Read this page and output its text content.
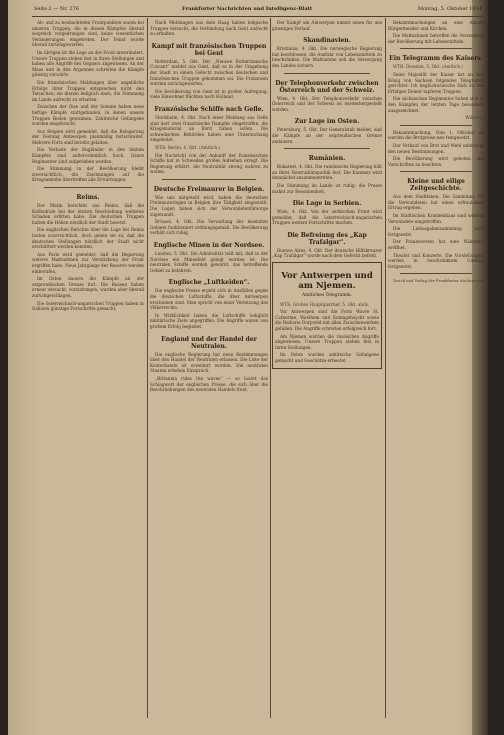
Seite 2 — Nr. 276	Frankfurter Nachrichten und Intelligenz-Blatt	Montag, 5. Oktober 1914

Ab- und zu beobachteten Frontpunkten waren bei unseren Truppen, die in diesen Kämpfen überall siegreich vorgedrungen sind, keine wesentlichen Veränderungen eingetreten. Der Feind wurde überall zurückgeworfen.

Im übrigen ist die Lage an der Front unverändert. Unsere Truppen stehen fest in ihren Stellungen und haben alle Angriffe des Gegners abgewiesen. An der Maas und in den Argonnen schreiten die Kämpfe günstig vorwärts.

Die französischen Meldungen über angebliche Erfolge ihrer Truppen entsprechen nicht den Tatsachen; sie dienen lediglich dazu, die Stimmung im Lande aufrecht zu erhalten.

Zwischen der Oise und der Somme haben neue heftige Kämpfe stattgefunden, in denen unsere Truppen Boden gewannen. Zahlreiche Gefangene wurden eingebracht.

Aus Belgien wird gemeldet, daß die Belagerung der Festung Antwerpen planmäßig fortschreitet. Mehrere Forts sind bereits gefallen.

Die Verluste der Engländer in den letzten Kämpfen sind außerordentlich hoch. Ganze Regimenter sind aufgerieben worden.

Die Stimmung in der Bevölkerung bleibt zuversichtlich; die Zeichnungen auf die Kriegsanleihe übertreffen alle Erwartungen.

Reims.

Der Matin berichtet aus Reims, daß die Kathedrale bei der letzten Beschießung weiteren Schaden erlitten habe. Die deutschen Truppen halten die Höhen nördlich der Stadt besetzt.

Die englischen Berichte über die Lage bei Reims lauten zuversichtlich, doch geben sie zu, daß die deutschen Stellungen nördlich der Stadt nicht erschüttert werden konnten.

Aus Paris wird gemeldet, daß die Regierung weitere Maßnahmen zur Verstärkung der Front ergriffen habe. Neue Jahrgänge der Reserve werden einberufen.

Im Osten dauern die Kämpfe an der ostpreußischen Grenze fort. Die Russen haben erneut versucht, vorzudringen, wurden aber überall zurückgeschlagen.

Die österreichisch-ungarischen Truppen haben in Galizien günstige Fortschritte gemacht.

Nach Meldungen aus dem Haag haben belgische Truppen versucht, die Verbindung nach Gent aufrecht zu erhalten.

Kampf mit französischen Truppen bei Gent

Rotterdam, 5. Okt. Der „Nieuwe Rotterdamsche Courant“ meldet aus Gent, daß es in der Umgebung der Stadt zu einem Gefecht zwischen deutschen und französischen Truppen gekommen sei. Die Franzosen wurden zurückgeworfen.

Die Bevölkerung von Gent ist in großer Aufregung; viele Einwohner flüchten nach Holland.

Französische Schiffe nach Gefle.

Stockholm, 4. Okt. Nach einer Meldung aus Gefle sind dort zwei französische Dampfer eingetroffen, die Kriegsmaterial an Bord haben sollen. Die schwedischen Behörden haben eine Untersuchung eingeleitet.

WTB. Berlin, 4. Okt. (Amtlich.)

Die Nachricht von der Ankunft der französischen Schiffe hat in Schweden großes Aufsehen erregt. Die Regierung erklärt, die Neutralität streng wahren zu wollen.

Deutsche Freimaurer in Belgien.

Wie uns mitgeteilt wird, haben die deutschen Freimaurerlogen in Belgien ihre Tätigkeit eingestellt. Die Logen haben sich der Verwundetenfürsorge zugewandt.

Brüssel, 4. Okt. Die Verwaltung der besetzten Gebiete funktioniert ordnungsgemäß. Die Bevölkerung verhält sich ruhig.

Englische Minen in der Nordsee.

London, 5. Okt. Die Admiralität teilt mit, daß in der Nordsee ein Minenfeld gelegt worden ist. Die neutralen Schiffe werden gewarnt, das betreffende Gebiet zu befahren.

Englische „Luftkeiden“.

Die englische Presse ergeht sich in Ausfällen gegen die deutschen Luftschiffe, die über Antwerpen erschienen sind. Man spricht von einer Verletzung des Völkerrechts.

In Wirklichkeit haben die Luftschiffe lediglich militärische Ziele angegriffen. Die Angriffe waren von großem Erfolg begleitet.

England und der Handel der Neutralen.

Die englische Regierung hat neue Bestimmungen über den Handel der Neutralen erlassen. Die Liste der Konterbande ist erweitert worden. Die neutralen Staaten erheben Einspruch.

„Britannia rules the waves“ — so lautet das Schlagwort der englischen Presse, die sich über die Beschränkungen des neutralen Handels freut.

Der Kampf um Antwerpen nimmt einen für uns günstigen Verlauf.

Skandinavien.

Kristiania, 4. Okt. Die norwegische Regierung hat beschlossen, die Ausfuhr von Lebensmitteln zu beschränken. Die Maßnahme soll die Versorgung des Landes sichern.

Der Telephonverkehr zwischen Österreich und der Schweiz.

Wien, 4. Okt. Der Telephonverkehr zwischen Österreich und der Schweiz ist wiederhergestellt worden.

Zur Lage im Osten.

Petersburg, 5. Okt. Der Generalstab meldet, daß die Kämpfe an der ostpreußischen Grenze andauern.

Rumänien.

Bukarest, 4. Okt. Die rumänische Regierung hält an ihrer Neutralitätspolitik fest. Die Kammer wird demnächst zusammentreten.

Die Stimmung im Lande ist ruhig; die Presse mahnt zur Besonnenheit.

Die Lage in Serbien.

Wien, 4. Okt. Von der serbischen Front wird gemeldet, daß die österreichisch-ungarischen Truppen weitere Fortschritte machen.

Die Befreiung des „Kap Trafalgar“.

Buenos Aires, 4. Okt. Der deutsche Hilfskreuzer „Kap Trafalgar“ wurde nach dem Gefecht befreit.

Vor Antwerpen und am Njemen.
Amtliches Telegramm.

WTB. Großes Hauptquartier, 5. Okt. abds.

Vor Antwerpen sind die Forts Wavre St. Catherine, Waelhem und Koningshoyckt sowie die Redoute Dorpveld mit allen Zwischenwerken gefallen. Die Angriffe schreiten erfolgreich fort.

Am Njemen wurden die russischen Angriffe abgewiesen. Unsere Truppen stehen fest in ihren Stellungen.

Im Osten wurden zahlreiche Gefangene gemacht und Geschütze erbeutet.

Bekanntmachungen an eine Anzahl Bürgermeister und Kirchen.

Die Maßnahmen betreffen die Versorgung der Bevölkerung mit Lebensmitteln.

Ein Telegramm des Kaisers.

WTB. Dresden, 5. Okt. (Amtlich.)

Seine Majestät der Kaiser hat an den König von Sachsen folgendes Telegramm gerichtet: Ich beglückwünsche Dich zu den Erfolgen Deiner tapferen Truppen.

Die sächsischen Regimenter haben sich in den Kämpfen der letzten Tage besonders ausgezeichnet.

Wilhelm.

Bekanntmachung. Vom 1. Oktober ab werden die Brotpreise neu festgesetzt.

Der Verkauf von Brot und Mehl unterliegt den neuen Bestimmungen.

Die Bevölkerung wird gebeten, die Vorschriften zu beachten.

Kleine und eilige Zeitgeschichte.

Aus dem Stadtleben. Die Sammlung für die Verwundeten hat einen erfreulichen Ertrag ergeben.

Im Städtischen Krankenhaus sind weitere Verwundete eingetroffen.

Die Liebesgabensammlung wird fortgesetzt.

Der Frauenverein hat eine Nähstube eröffnet.

Theater und Konzerte. Die Vorstellungen werden in beschränktem Umfang fortgesetzt.

Druck und Verlag der Frankfurter Nachrichten
